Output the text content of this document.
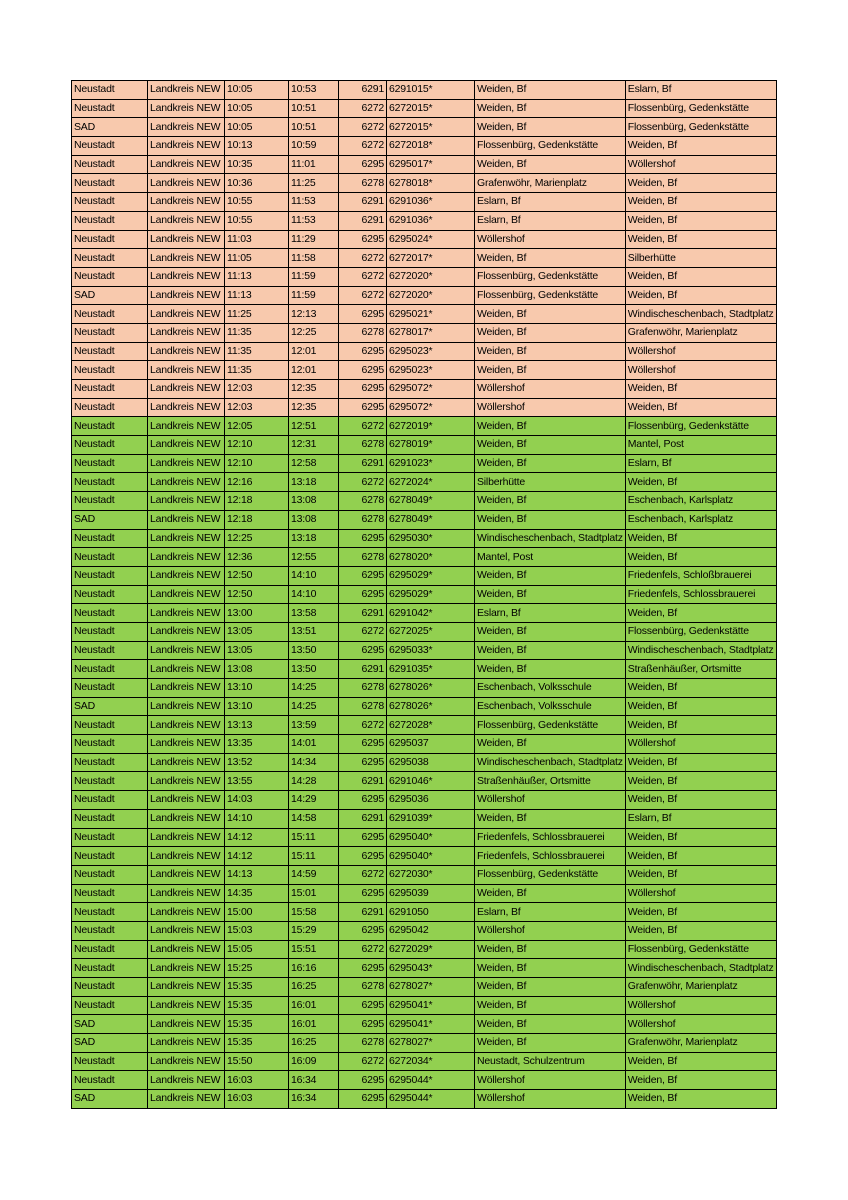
Neustadt	Landkreis NEW	10:05	10:53	6291	6291015*	Weiden, Bf	Eslarn, Bf
Neustadt	Landkreis NEW	10:05	10:51	6272	6272015*	Weiden, Bf	Flossenbürg, Gedenkstätte
SAD	Landkreis NEW	10:05	10:51	6272	6272015*	Weiden, Bf	Flossenbürg, Gedenkstätte
Neustadt	Landkreis NEW	10:13	10:59	6272	6272018*	Flossenbürg, Gedenkstätte	Weiden, Bf
Neustadt	Landkreis NEW	10:35	11:01	6295	6295017*	Weiden, Bf	Wöllershof
Neustadt	Landkreis NEW	10:36	11:25	6278	6278018*	Grafenwöhr, Marienplatz	Weiden, Bf
Neustadt	Landkreis NEW	10:55	11:53	6291	6291036*	Eslarn, Bf	Weiden, Bf
Neustadt	Landkreis NEW	10:55	11:53	6291	6291036*	Eslarn, Bf	Weiden, Bf
Neustadt	Landkreis NEW	11:03	11:29	6295	6295024*	Wöllershof	Weiden, Bf
Neustadt	Landkreis NEW	11:05	11:58	6272	6272017*	Weiden, Bf	Silberhütte
Neustadt	Landkreis NEW	11:13	11:59	6272	6272020*	Flossenbürg, Gedenkstätte	Weiden, Bf
SAD	Landkreis NEW	11:13	11:59	6272	6272020*	Flossenbürg, Gedenkstätte	Weiden, Bf
Neustadt	Landkreis NEW	11:25	12:13	6295	6295021*	Weiden, Bf	Windischeschenbach, Stadtplatz
Neustadt	Landkreis NEW	11:35	12:25	6278	6278017*	Weiden, Bf	Grafenwöhr, Marienplatz
Neustadt	Landkreis NEW	11:35	12:01	6295	6295023*	Weiden, Bf	Wöllershof
Neustadt	Landkreis NEW	11:35	12:01	6295	6295023*	Weiden, Bf	Wöllershof
Neustadt	Landkreis NEW	12:03	12:35	6295	6295072*	Wöllershof	Weiden, Bf
Neustadt	Landkreis NEW	12:03	12:35	6295	6295072*	Wöllershof	Weiden, Bf
Neustadt	Landkreis NEW	12:05	12:51	6272	6272019*	Weiden, Bf	Flossenbürg, Gedenkstätte
Neustadt	Landkreis NEW	12:10	12:31	6278	6278019*	Weiden, Bf	Mantel, Post
Neustadt	Landkreis NEW	12:10	12:58	6291	6291023*	Weiden, Bf	Eslarn, Bf
Neustadt	Landkreis NEW	12:16	13:18	6272	6272024*	Silberhütte	Weiden, Bf
Neustadt	Landkreis NEW	12:18	13:08	6278	6278049*	Weiden, Bf	Eschenbach, Karlsplatz
SAD	Landkreis NEW	12:18	13:08	6278	6278049*	Weiden, Bf	Eschenbach, Karlsplatz
Neustadt	Landkreis NEW	12:25	13:18	6295	6295030*	Windischeschenbach, Stadtplatz	Weiden, Bf
Neustadt	Landkreis NEW	12:36	12:55	6278	6278020*	Mantel, Post	Weiden, Bf
Neustadt	Landkreis NEW	12:50	14:10	6295	6295029*	Weiden, Bf	Friedenfels, Schloßbrauerei
Neustadt	Landkreis NEW	12:50	14:10	6295	6295029*	Weiden, Bf	Friedenfels, Schlossbrauerei
Neustadt	Landkreis NEW	13:00	13:58	6291	6291042*	Eslarn, Bf	Weiden, Bf
Neustadt	Landkreis NEW	13:05	13:51	6272	6272025*	Weiden, Bf	Flossenbürg, Gedenkstätte
Neustadt	Landkreis NEW	13:05	13:50	6295	6295033*	Weiden, Bf	Windischeschenbach, Stadtplatz
Neustadt	Landkreis NEW	13:08	13:50	6291	6291035*	Weiden, Bf	Straßenhäußer, Ortsmitte
Neustadt	Landkreis NEW	13:10	14:25	6278	6278026*	Eschenbach, Volksschule	Weiden, Bf
SAD	Landkreis NEW	13:10	14:25	6278	6278026*	Eschenbach, Volksschule	Weiden, Bf
Neustadt	Landkreis NEW	13:13	13:59	6272	6272028*	Flossenbürg, Gedenkstätte	Weiden, Bf
Neustadt	Landkreis NEW	13:35	14:01	6295	6295037	Weiden, Bf	Wöllershof
Neustadt	Landkreis NEW	13:52	14:34	6295	6295038	Windischeschenbach, Stadtplatz	Weiden, Bf
Neustadt	Landkreis NEW	13:55	14:28	6291	6291046*	Straßenhäußer, Ortsmitte	Weiden, Bf
Neustadt	Landkreis NEW	14:03	14:29	6295	6295036	Wöllershof	Weiden, Bf
Neustadt	Landkreis NEW	14:10	14:58	6291	6291039*	Weiden, Bf	Eslarn, Bf
Neustadt	Landkreis NEW	14:12	15:11	6295	6295040*	Friedenfels, Schlossbrauerei	Weiden, Bf
Neustadt	Landkreis NEW	14:12	15:11	6295	6295040*	Friedenfels, Schlossbrauerei	Weiden, Bf
Neustadt	Landkreis NEW	14:13	14:59	6272	6272030*	Flossenbürg, Gedenkstätte	Weiden, Bf
Neustadt	Landkreis NEW	14:35	15:01	6295	6295039	Weiden, Bf	Wöllershof
Neustadt	Landkreis NEW	15:00	15:58	6291	6291050	Eslarn, Bf	Weiden, Bf
Neustadt	Landkreis NEW	15:03	15:29	6295	6295042	Wöllershof	Weiden, Bf
Neustadt	Landkreis NEW	15:05	15:51	6272	6272029*	Weiden, Bf	Flossenbürg, Gedenkstätte
Neustadt	Landkreis NEW	15:25	16:16	6295	6295043*	Weiden, Bf	Windischeschenbach, Stadtplatz
Neustadt	Landkreis NEW	15:35	16:25	6278	6278027*	Weiden, Bf	Grafenwöhr, Marienplatz
Neustadt	Landkreis NEW	15:35	16:01	6295	6295041*	Weiden, Bf	Wöllershof
SAD	Landkreis NEW	15:35	16:01	6295	6295041*	Weiden, Bf	Wöllershof
SAD	Landkreis NEW	15:35	16:25	6278	6278027*	Weiden, Bf	Grafenwöhr, Marienplatz
Neustadt	Landkreis NEW	15:50	16:09	6272	6272034*	Neustadt, Schulzentrum	Weiden, Bf
Neustadt	Landkreis NEW	16:03	16:34	6295	6295044*	Wöllershof	Weiden, Bf
SAD	Landkreis NEW	16:03	16:34	6295	6295044*	Wöllershof	Weiden, Bf
